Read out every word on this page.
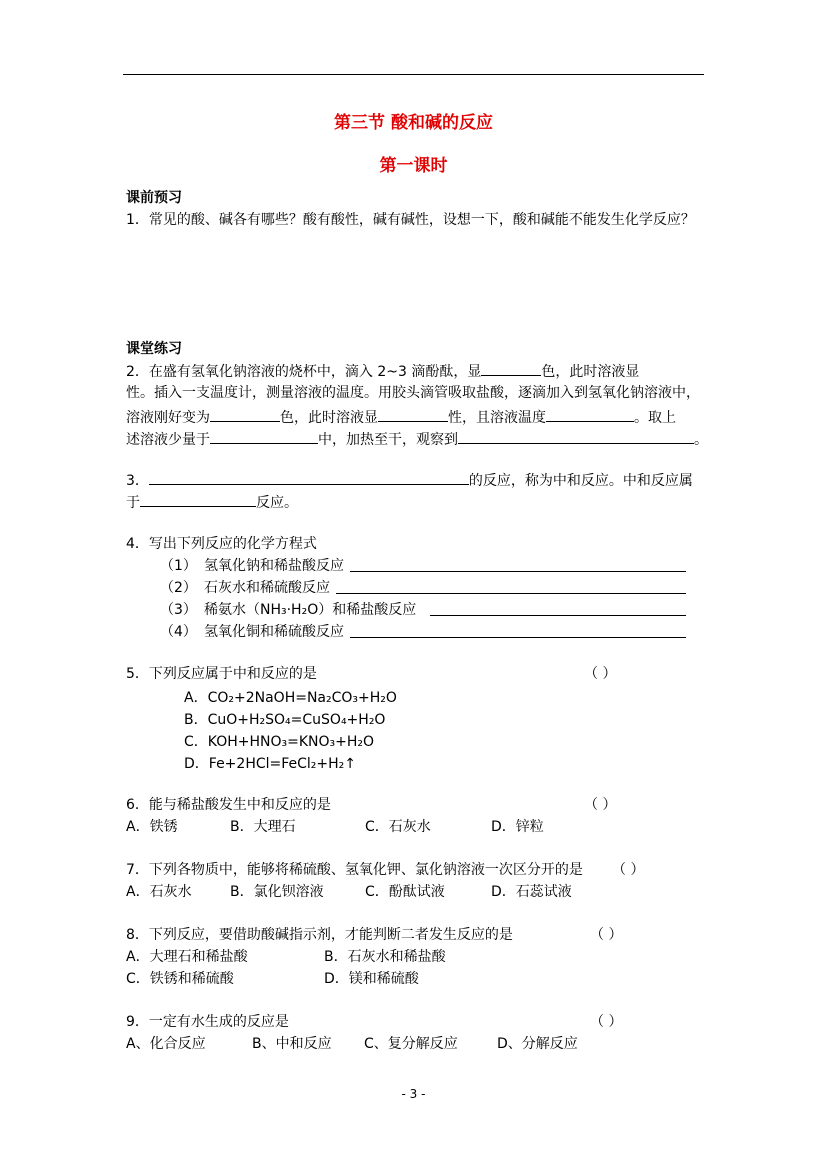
第三节 酸和碱的反应
第一课时
课前预习
1．常见的酸、碱各有哪些？酸有酸性，碱有碱性，设想一下，酸和碱能不能发生化学反应？
课堂练习
2．在盛有氢氧化钠溶液的烧杯中，滴入 2~3 滴酚酞，显	色，此时溶液显
性。插入一支温度计，测量溶液的温度。用胶头滴管吸取盐酸，逐滴加入到氢氧化钠溶液中，
溶液刚好变为	色，此时溶液显	性，且溶液温度	。取上
述溶液少量于	中，加热至干，观察到	。
3．	的反应，称为中和反应。中和反应属
于	反应。
4．写出下列反应的化学方程式
（1） 氢氧化钠和稀盐酸反应
（2） 石灰水和稀硫酸反应
（3） 稀氨水（NH₃·H₂O）和稀盐酸反应
（4） 氢氧化铜和稀硫酸反应
5．下列反应属于中和反应的是	（ ）
A．CO₂+2NaOH=Na₂CO₃+H₂O
B．CuO+H₂SO₄=CuSO₄+H₂O
C．KOH+HNO₃=KNO₃+H₂O
D．Fe+2HCl=FeCl₂+H₂↑
6．能与稀盐酸发生中和反应的是	（ ）
A．铁锈	B．大理石	C．石灰水	D．锌粒
7．下列各物质中，能够将稀硫酸、氢氧化钾、氯化钠溶液一次区分开的是 （ ）
A．石灰水	B．氯化钡溶液	C．酚酞试液	D．石蕊试液
8．下列反应，要借助酸碱指示剂，才能判断二者发生反应的是	（ ）
A．大理石和稀盐酸	B．石灰水和稀盐酸
C．铁锈和稀硫酸	D．镁和稀硫酸
9．一定有水生成的反应是	（ ）
A、化合反应	B、中和反应 C、复分解反应	D、分解反应
- 3 -
